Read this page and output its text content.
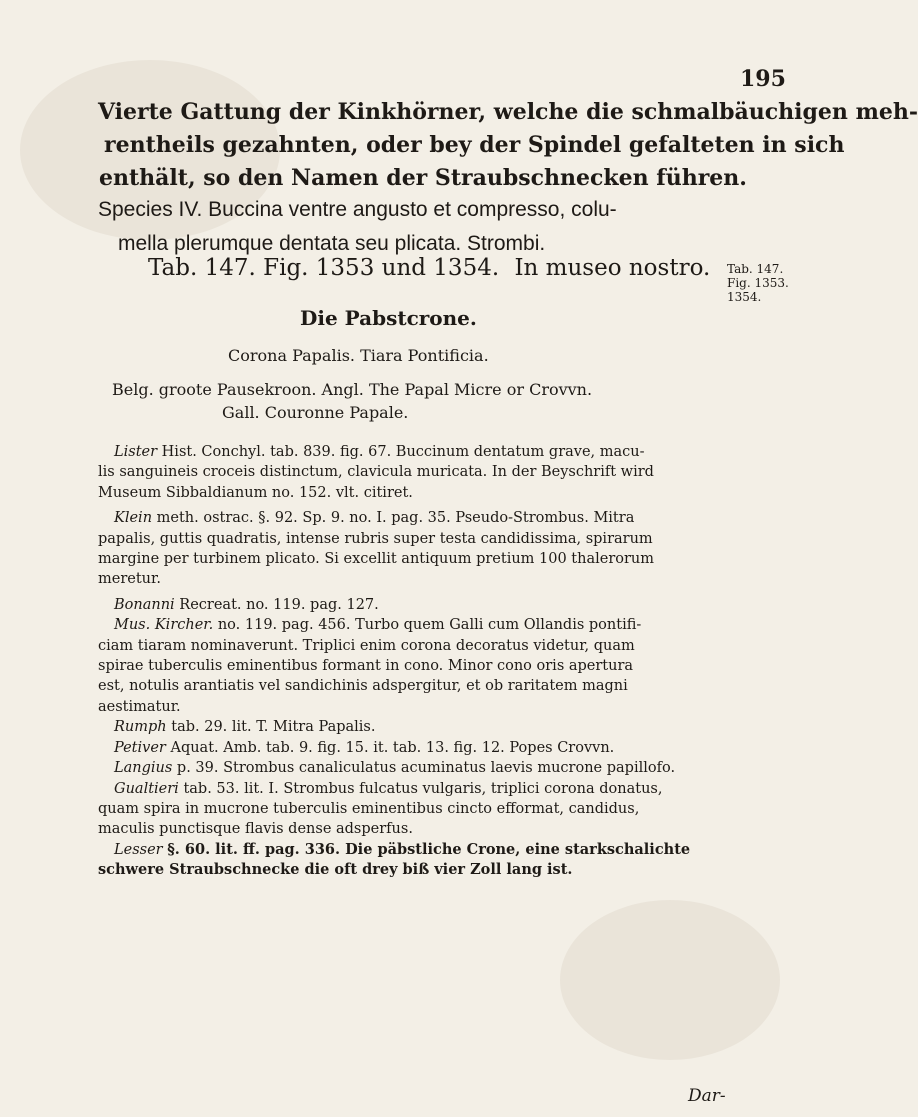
195
Vierte Gattung der Kinkhörner, welche die schmalbäuchigen meh-
rentheils gezahnten, oder bey der Spindel gefalteten in sich
enthält, so den Namen der Straubschnecken führen.
Species IV. Buccina ventre angusto et compresso, colu-
mella plerumque dentata seu plicata. Strombi.
Tab. 147. Fig. 1353 und 1354. In museo nostro. Tab. 147.
Fig. 1353.
1354.
Die Pabstcrone.
Corona Papalis. Tiara Pontificia.
Belg. groote Pausekroon. Angl. The Papal Micre or Crovvn.
Gall. Couronne Papale.
Lister Hist. Conchyl. tab. 839. fig. 67. Buccinum dentatum grave, macu-
lis sanguineis croceis distinctum, clavicula muricata. In der Beyschrift wird
Museum Sibbaldianum no. 152. vlt. citiret.
Klein meth. ostrac. §. 92. Sp. 9. no. I. pag. 35. Pseudo-Strombus. Mitra
papalis, guttis quadratis, intense rubris super testa candidissima, spirarum
margine per turbinem plicato. Si excellit antiquum pretium 100 thalerorum
meretur.
Bonanni Recreat. no. 119. pag. 127.
Mus. Kircher. no. 119. pag. 456. Turbo quem Galli cum Ollandis pontifi-
ciam tiaram nominaverunt. Triplici enim corona decoratus videtur, quam
spirae tuberculis eminentibus formant in cono. Minor cono oris apertura
est, notulis arantiatis vel sandichinis adspergitur, et ob raritatem magni
aestimatur.
Rumph tab. 29. lit. T. Mitra Papalis.
Petiver Aquat. Amb. tab. 9. fig. 15. it. tab. 13. fig. 12. Popes Crovvn.
Langius p. 39. Strombus canaliculatus acuminatus laevis mucrone papillofo.
Gualtieri tab. 53. lit. I. Strombus fulcatus vulgaris, triplici corona donatus,
quam spira in mucrone tuberculis eminentibus cincto efformat, candidus,
maculis punctisque flavis dense adsperfus.
Lesser §. 60. lit. ff. pag. 336. Die päbstliche Crone, eine starkschalichte
schwere Straubschnecke die oft drey biß vier Zoll lang ist.
Dar-
